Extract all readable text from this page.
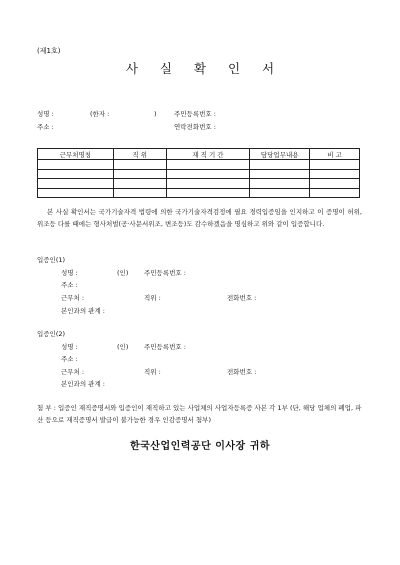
(제1호)
사 실 확 인 서
성명 :	(한자 :	)	주민등록번호 :
주소 :	연락전화번호 :
근무처명칭	직 위	재 직 기 간	담당업무내용	비 고

본 사실 확인서는 국가기술자격 법령에 의한 국가기술자격검정에 필요 경력입증임을 인지하고 이 증명이 허위, 위조등 다를 때에는 형사처벌(공·사문서위조, 변조등)도 감수하겠음을 명심하고 위와 같이 입증합니다.
입증인(1)
성명 :	(인) 주민등록번호 :
주소 :
근무처 :	직위 :	전화번호 :
본인과의 관계 :
입증인(2)
성명 :	(인) 주민등록번호 :
주소 :
근무처 :	직위 :	전화번호 :
본인과의 관계 :
첨 부 : 입증인 재직증명서와 입증인이 재직하고 있는 사업체의 사업자등록증 사본 각 1부 (단, 해당 업체의 폐업, 파산 등으로 재직증명서 발급이 불가능한 경우 인감증명서 첨부)
한국산업인력공단 이사장 귀하
